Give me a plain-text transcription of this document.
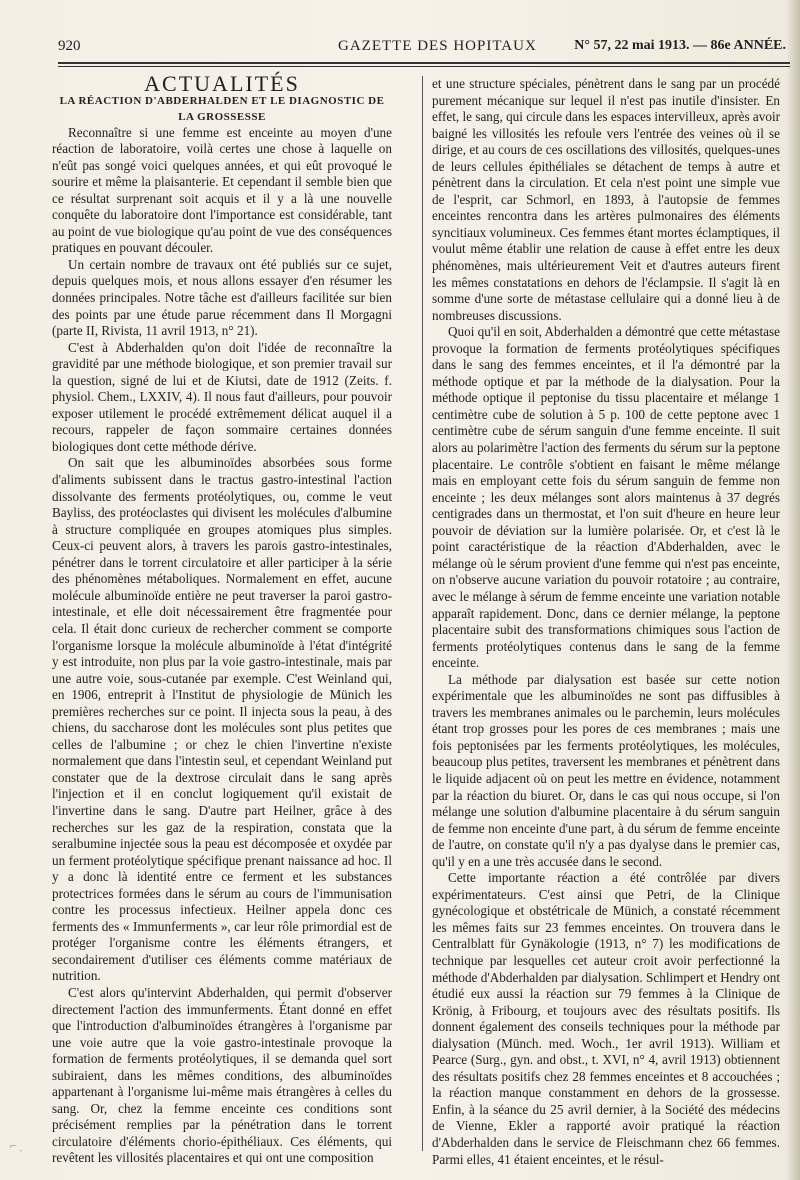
920	GAZETTE DES HOPITAUX	N° 57, 22 mai 1913. — 86e ANNÉE.

ACTUALITÉS

LA RÉACTION D'ABDERHALDEN ET LE DIAGNOSTIC DE LA GROSSESSE

Reconnaître si une femme est enceinte au moyen d'une réaction de laboratoire, voilà certes une chose à laquelle on n'eût pas songé voici quelques années, et qui eût provoqué le sourire et même la plaisanterie. Et cependant il semble bien que ce résultat surprenant soit acquis et il y a là une nouvelle conquête du laboratoire dont l'importance est considérable, tant au point de vue biologique qu'au point de vue des conséquences pratiques en pouvant découler.

Un certain nombre de travaux ont été publiés sur ce sujet, depuis quelques mois, et nous allons essayer d'en résumer les données principales. Notre tâche est d'ailleurs facilitée sur bien des points par une étude parue récemment dans Il Morgagni (parte II, Rivista, 11 avril 1913, n° 21).

C'est à Abderhalden qu'on doit l'idée de reconnaître la gravidité par une méthode biologique, et son premier travail sur la question, signé de lui et de Kiutsi, date de 1912 (Zeits. f. physiol. Chem., LXXIV, 4). Il nous faut d'ailleurs, pour pouvoir exposer utilement le procédé extrêmement délicat auquel il a recours, rappeler de façon sommaire certaines données biologiques dont cette méthode dérive.

On sait que les albuminoïdes absorbées sous forme d'aliments subissent dans le tractus gastro-intestinal l'action dissolvante des ferments protéolytiques, ou, comme le veut Bayliss, des protéoclastes qui divisent les molécules d'albumine à structure compliquée en groupes atomiques plus simples. Ceux-ci peuvent alors, à travers les parois gastro-intestinales, pénétrer dans le torrent circulatoire et aller participer à la série des phénomènes métaboliques. Normalement en effet, aucune molécule albuminoïde entière ne peut traverser la paroi gastro-intestinale, et elle doit nécessairement être fragmentée pour cela. Il était donc curieux de rechercher comment se comporte l'organisme lorsque la molécule albuminoïde à l'état d'intégrité y est introduite, non plus par la voie gastro-intestinale, mais par une autre voie, sous-cutanée par exemple. C'est Weinland qui, en 1906, entreprit à l'Institut de physiologie de Münich les premières recherches sur ce point. Il injecta sous la peau, à des chiens, du saccharose dont les molécules sont plus petites que celles de l'albumine ; or chez le chien l'invertine n'existe normalement que dans l'intestin seul, et cependant Weinland put constater que de la dextrose circulait dans le sang après l'injection et il en conclut logiquement qu'il existait de l'invertine dans le sang. D'autre part Heilner, grâce à des recherches sur les gaz de la respiration, constata que la seralbumine injectée sous la peau est décomposée et oxydée par un ferment protéolytique spécifique prenant naissance ad hoc. Il y a donc là identité entre ce ferment et les substances protectrices formées dans le sérum au cours de l'immunisation contre les processus infectieux. Heilner appela donc ces ferments des « Immunferments », car leur rôle primordial est de protéger l'organisme contre les éléments étrangers, et secondairement d'utiliser ces éléments comme matériaux de nutrition.

C'est alors qu'intervint Abderhalden, qui permit d'observer directement l'action des immunferments. Étant donné en effet que l'introduction d'albuminoïdes étrangères à l'organisme par une voie autre que la voie gastro-intestinale provoque la formation de ferments protéolytiques, il se demanda quel sort subiraient, dans les mêmes conditions, des albuminoïdes appartenant à l'organisme lui-même mais étrangères à celles du sang. Or, chez la femme enceinte ces conditions sont précisément remplies par la pénétration dans le torrent circulatoire d'éléments chorio-épithéliaux. Ces éléments, qui revêtent les villosités placentaires et qui ont une composition

et une structure spéciales, pénètrent dans le sang par un procédé purement mécanique sur lequel il n'est pas inutile d'insister. En effet, le sang, qui circule dans les espaces intervilleux, après avoir baigné les villosités les refoule vers l'entrée des veines où il se dirige, et au cours de ces oscillations des villosités, quelques-unes de leurs cellules épithéliales se détachent de temps à autre et pénètrent dans la circulation. Et cela n'est point une simple vue de l'esprit, car Schmorl, en 1893, à l'autopsie de femmes enceintes rencontra dans les artères pulmonaires des éléments syncitiaux volumineux. Ces femmes étant mortes éclamptiques, il voulut même établir une relation de cause à effet entre les deux phénomènes, mais ultérieurement Veit et d'autres auteurs firent les mêmes constatations en dehors de l'éclampsie. Il s'agit là en somme d'une sorte de métastase cellulaire qui a donné lieu à de nombreuses discussions.

Quoi qu'il en soit, Abderhalden a démontré que cette métastase provoque la formation de ferments protéolytiques spécifiques dans le sang des femmes enceintes, et il l'a démontré par la méthode optique et par la méthode de la dialysation. Pour la méthode optique il peptonise du tissu placentaire et mélange 1 centimètre cube de solution à 5 p. 100 de cette peptone avec 1 centimètre cube de sérum sanguin d'une femme enceinte. Il suit alors au polarimètre l'action des ferments du sérum sur la peptone placentaire. Le contrôle s'obtient en faisant le même mélange mais en employant cette fois du sérum sanguin de femme non enceinte ; les deux mélanges sont alors maintenus à 37 degrés centigrades dans un thermostat, et l'on suit d'heure en heure leur pouvoir de déviation sur la lumière polarisée. Or, et c'est là le point caractéristique de la réaction d'Abderhalden, avec le mélange où le sérum provient d'une femme qui n'est pas enceinte, on n'observe aucune variation du pouvoir rotatoire ; au contraire, avec le mélange à sérum de femme enceinte une variation notable apparaît rapidement. Donc, dans ce dernier mélange, la peptone placentaire subit des transformations chimiques sous l'action de ferments protéolytiques contenus dans le sang de la femme enceinte.

La méthode par dialysation est basée sur cette notion expérimentale que les albuminoïdes ne sont pas diffusibles à travers les membranes animales ou le parchemin, leurs molécules étant trop grosses pour les pores de ces membranes ; mais une fois peptonisées par les ferments protéolytiques, les molécules, beaucoup plus petites, traversent les membranes et pénètrent dans le liquide adjacent où on peut les mettre en évidence, notamment par la réaction du biuret. Or, dans le cas qui nous occupe, si l'on mélange une solution d'albumine placentaire à du sérum sanguin de femme non enceinte d'une part, à du sérum de femme enceinte de l'autre, on constate qu'il n'y a pas dyalyse dans le premier cas, qu'il y en a une très accusée dans le second.

Cette importante réaction a été contrôlée par divers expérimentateurs. C'est ainsi que Petri, de la Clinique gynécologique et obstétricale de Münich, a constaté récemment les mêmes faits sur 23 femmes enceintes. On trouvera dans le Centralblatt für Gynäkologie (1913, n° 7) les modifications de technique par lesquelles cet auteur croit avoir perfectionné la méthode d'Abderhalden par dialysation. Schlimpert et Hendry ont étudié eux aussi la réaction sur 79 femmes à la Clinique de Krönig, à Fribourg, et toujours avec des résultats positifs. Ils donnent également des conseils techniques pour la méthode par dialysation (Münch. med. Woch., 1er avril 1913). William et Pearce (Surg., gyn. and obst., t. XVI, n° 4, avril 1913) obtiennent des résultats positifs chez 28 femmes enceintes et 8 accouchées ; la réaction manque constamment en dehors de la grossesse. Enfin, à la séance du 25 avril dernier, à la Société des médecins de Vienne, Ekler a rapporté avoir pratiqué la réaction d'Abderhalden dans le service de Fleischmann chez 66 femmes. Parmi elles, 41 étaient enceintes, et le résul-

⌐ ˏ
